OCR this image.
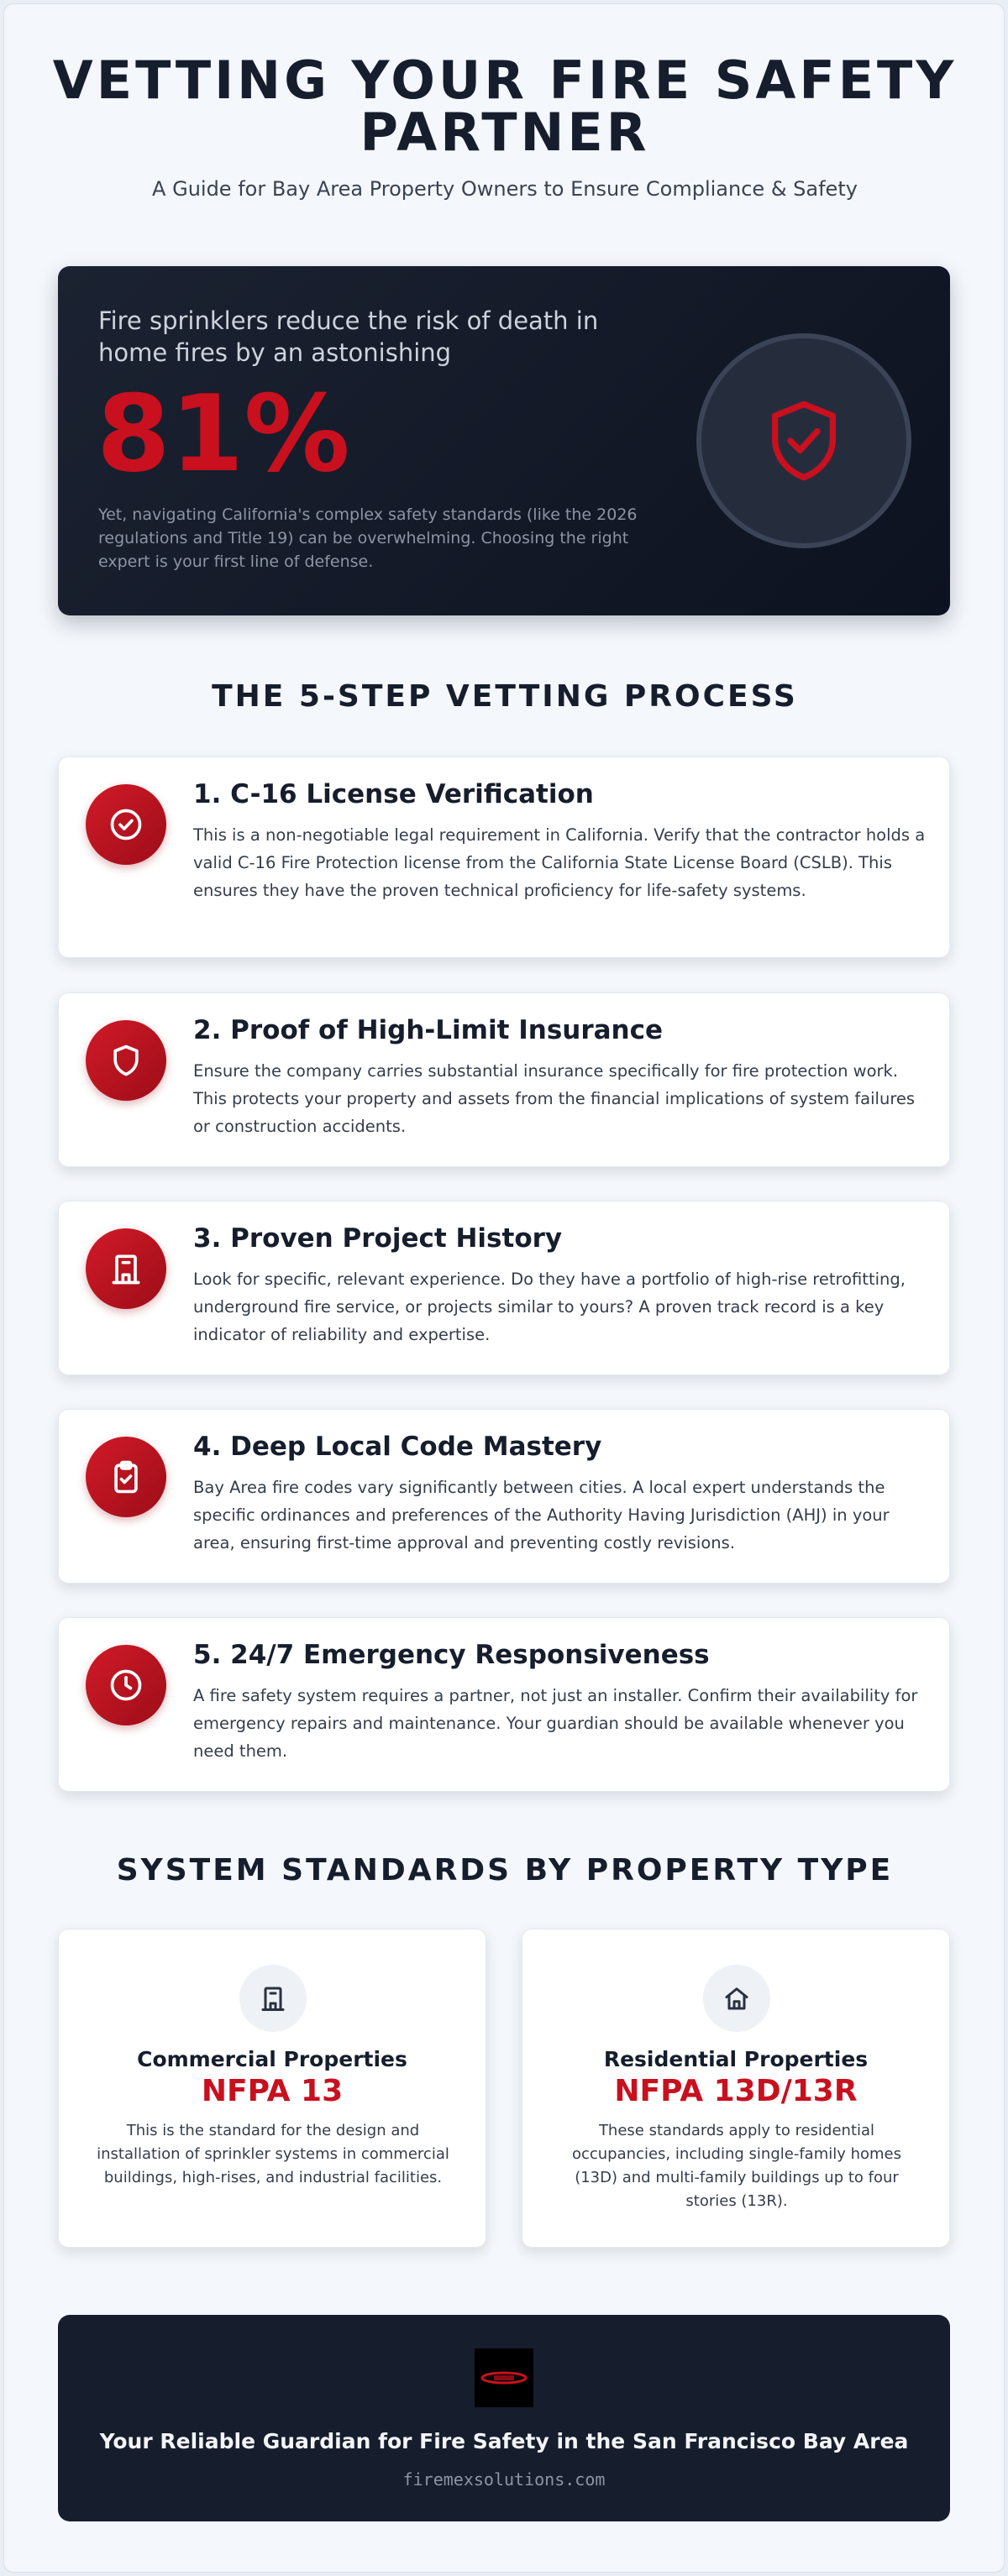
VETTING YOUR FIRE SAFETY PARTNER
A Guide for Bay Area Property Owners to Ensure Compliance & Safety
Fire sprinklers reduce the risk of death in home fires by an astonishing
81%
Yet, navigating California's complex safety standards (like the 2026 regulations and Title 19) can be overwhelming. Choosing the right expert is your first line of defense.
THE 5-STEP VETTING PROCESS
1. C-16 License Verification
This is a non-negotiable legal requirement in California. Verify that the contractor holds a valid C-16 Fire Protection license from the California State License Board (CSLB). This ensures they have the proven technical proficiency for life-safety systems.
2. Proof of High-Limit Insurance
Ensure the company carries substantial insurance specifically for fire protection work. This protects your property and assets from the financial implications of system failures or construction accidents.
3. Proven Project History
Look for specific, relevant experience. Do they have a portfolio of high-rise retrofitting, underground fire service, or projects similar to yours? A proven track record is a key indicator of reliability and expertise.
4. Deep Local Code Mastery
Bay Area fire codes vary significantly between cities. A local expert understands the specific ordinances and preferences of the Authority Having Jurisdiction (AHJ) in your area, ensuring first-time approval and preventing costly revisions.
5. 24/7 Emergency Responsiveness
A fire safety system requires a partner, not just an installer. Confirm their availability for emergency repairs and maintenance. Your guardian should be available whenever you need them.
SYSTEM STANDARDS BY PROPERTY TYPE
Commercial Properties
NFPA 13
This is the standard for the design and installation of sprinkler systems in commercial buildings, high-rises, and industrial facilities.
Residential Properties
NFPA 13D/13R
These standards apply to residential occupancies, including single-family homes (13D) and multi-family buildings up to four stories (13R).
Your Reliable Guardian for Fire Safety in the San Francisco Bay Area
firemexsolutions.com
